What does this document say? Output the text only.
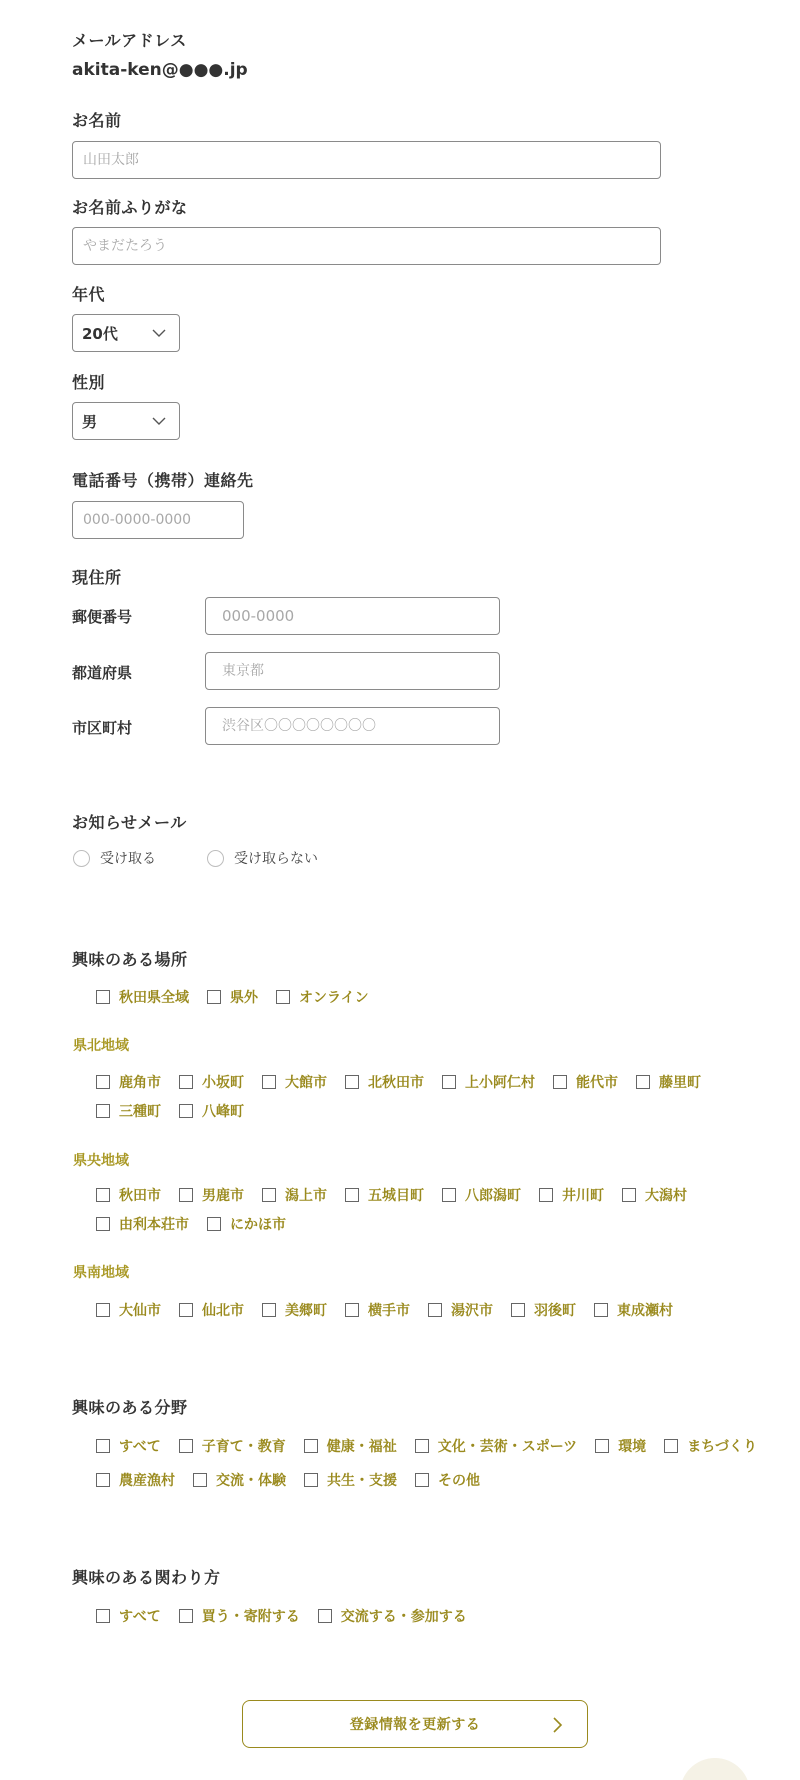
メールアドレス
akita-ken@●●●.jp
お名前
山田太郎
お名前ふりがな
やまだたろう
年代
20代
性別
男
電話番号（携帯）連絡先
000-0000-0000
現住所
郵便番号
000-0000
都道府県
東京都
市区町村
渋谷区〇〇〇〇〇〇〇〇
お知らせメール
受け取る	受け取らない
興味のある場所
秋田県全域	県外	オンライン
県北地域
鹿角市	小坂町	大館市	北秋田市	上小阿仁村	能代市	藤里町
三種町	八峰町
県央地域
秋田市	男鹿市	潟上市	五城目町	八郎潟町	井川町	大潟村
由利本荘市	にかほ市
県南地域
大仙市	仙北市	美郷町	横手市	湯沢市	羽後町	東成瀬村
興味のある分野
すべて	子育て・教育	健康・福祉	文化・芸術・スポーツ	環境	まちづくり
農産漁村	交流・体験	共生・支援	その他
興味のある関わり方
すべて	買う・寄附する	交流する・参加する
登録情報を更新する
